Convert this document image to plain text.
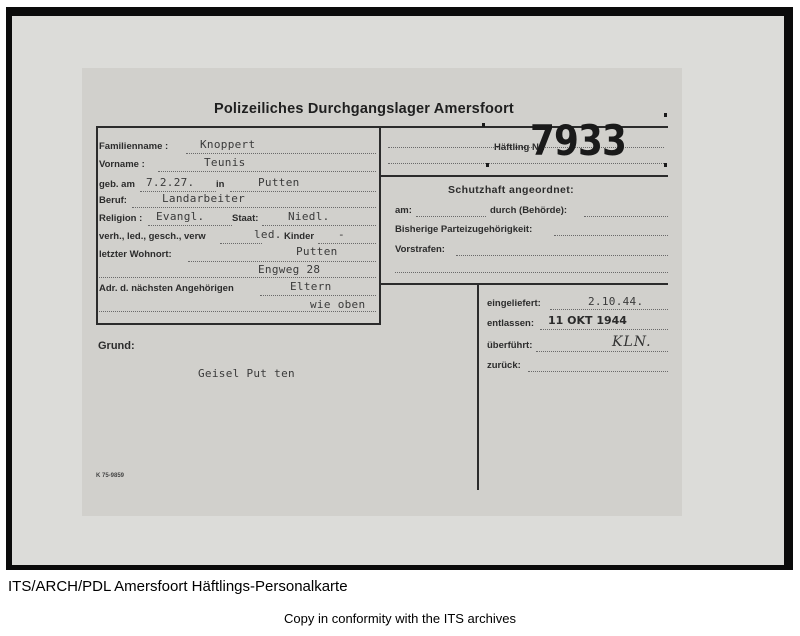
Polizeiliches Durchgangslager Amersfoort
Familienname :	Knoppert
Vorname :	Teunis
geb. am 7.2.27. in	Putten
Beruf:	Landarbeiter
Religion : Evangl.	Staat:	Niedl.
verh., led., gesch., verw	led. Kinder -
letzter Wohnort:	Putten
Engweg 28
Adr. d. nächsten Angehörigen	Eltern
wie oben
Häftling Nr.
7933
Schutzhaft angeordnet:
am:	durch (Behörde):
Bisherige Parteizugehörigkeit:
Vorstrafen:
Grund:
Geisel Put ten
eingeliefert:	2.10.44.
entlassen: 11 OKT 1944
überführt:	KLN.
zurück:
K 75-9859
ITS/ARCH/PDL Amersfoort Häftlings-Personalkarte
Copy in conformity with the ITS archives
